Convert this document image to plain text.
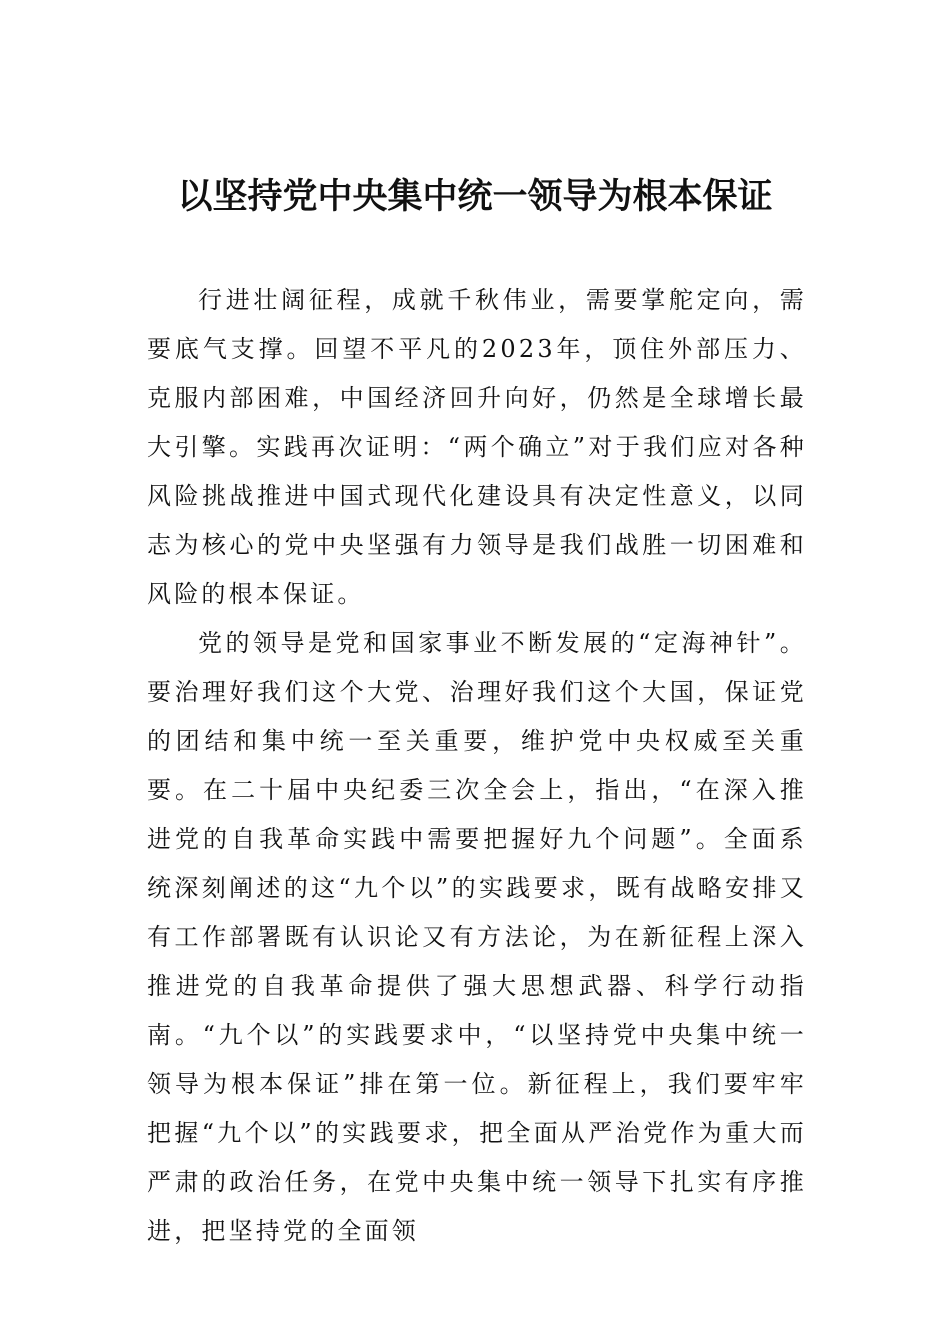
以坚持党中央集中统一领导为根本保证

行进壮阔征程，成就千秋伟业，需要掌舵定向，需要底气支撑。回望不平凡的2023年，顶住外部压力、克服内部困难，中国经济回升向好，仍然是全球增长最大引擎。实践再次证明：“两个确立”对于我们应对各种风险挑战推进中国式现代化建设具有决定性意义，以同志为核心的党中央坚强有力领导是我们战胜一切困难和风险的根本保证。

党的领导是党和国家事业不断发展的“定海神针”。要治理好我们这个大党、治理好我们这个大国，保证党的团结和集中统一至关重要，维护党中央权威至关重要。在二十届中央纪委三次全会上，指出，“在深入推进党的自我革命实践中需要把握好九个问题”。全面系统深刻阐述的这“九个以”的实践要求，既有战略安排又有工作部署既有认识论又有方法论，为在新征程上深入推进党的自我革命提供了强大思想武器、科学行动指南。“九个以”的实践要求中，“以坚持党中央集中统一领导为根本保证”排在第一位。新征程上，我们要牢牢把握“九个以”的实践要求，把全面从严治党作为重大而严肃的政治任务，在党中央集中统一领导下扎实有序推进，把坚持党的全面领
